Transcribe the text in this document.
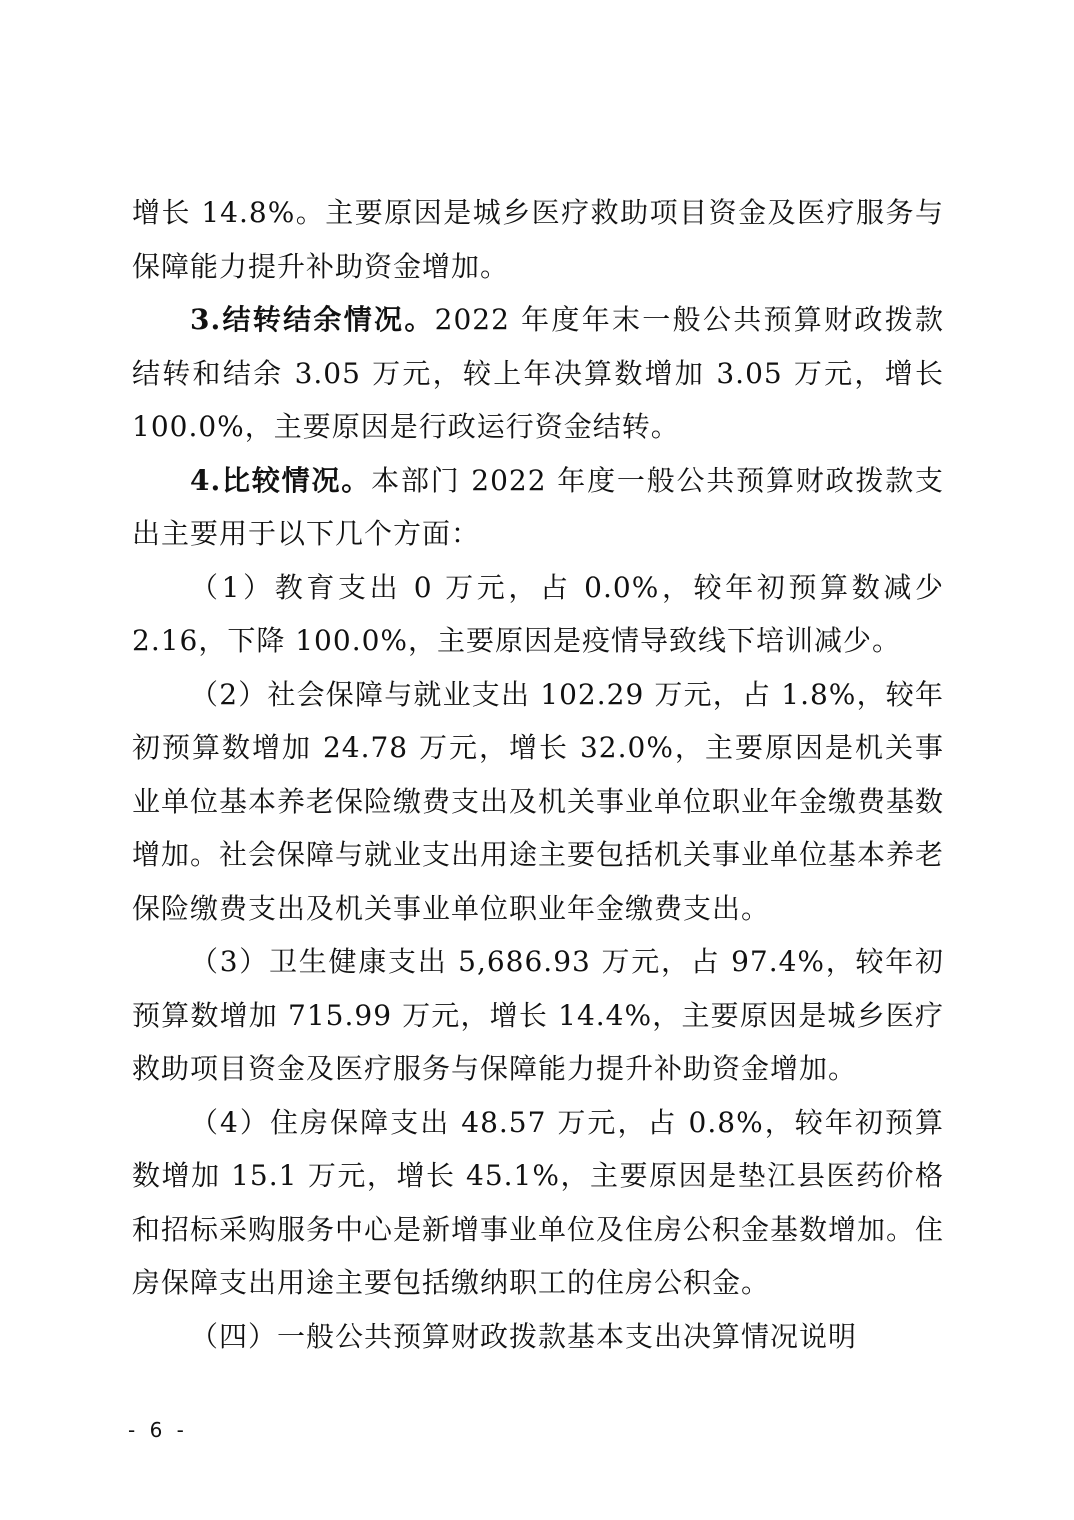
增长 14.8%。主要原因是城乡医疗救助项目资金及医疗服务与保障能力提升补助资金增加。

3.结转结余情况。2022 年度年末一般公共预算财政拨款结转和结余 3.05 万元，较上年决算数增加 3.05 万元，增长 100.0%，主要原因是行政运行资金结转。

4.比较情况。本部门 2022 年度一般公共预算财政拨款支出主要用于以下几个方面：

（1）教育支出 0 万元，占 0.0%，较年初预算数减少 2.16，下降 100.0%，主要原因是疫情导致线下培训减少。

（2）社会保障与就业支出 102.29 万元，占 1.8%，较年初预算数增加 24.78 万元，增长 32.0%，主要原因是机关事业单位基本养老保险缴费支出及机关事业单位职业年金缴费基数增加。社会保障与就业支出用途主要包括机关事业单位基本养老保险缴费支出及机关事业单位职业年金缴费支出。

（3）卫生健康支出 5,686.93 万元，占 97.4%，较年初预算数增加 715.99 万元，增长 14.4%，主要原因是城乡医疗救助项目资金及医疗服务与保障能力提升补助资金增加。

（4）住房保障支出 48.57 万元，占 0.8%，较年初预算数增加 15.1 万元，增长 45.1%，主要原因是垫江县医药价格和招标采购服务中心是新增事业单位及住房公积金基数增加。住房保障支出用途主要包括缴纳职工的住房公积金。

（四）一般公共预算财政拨款基本支出决算情况说明

- 6 -
